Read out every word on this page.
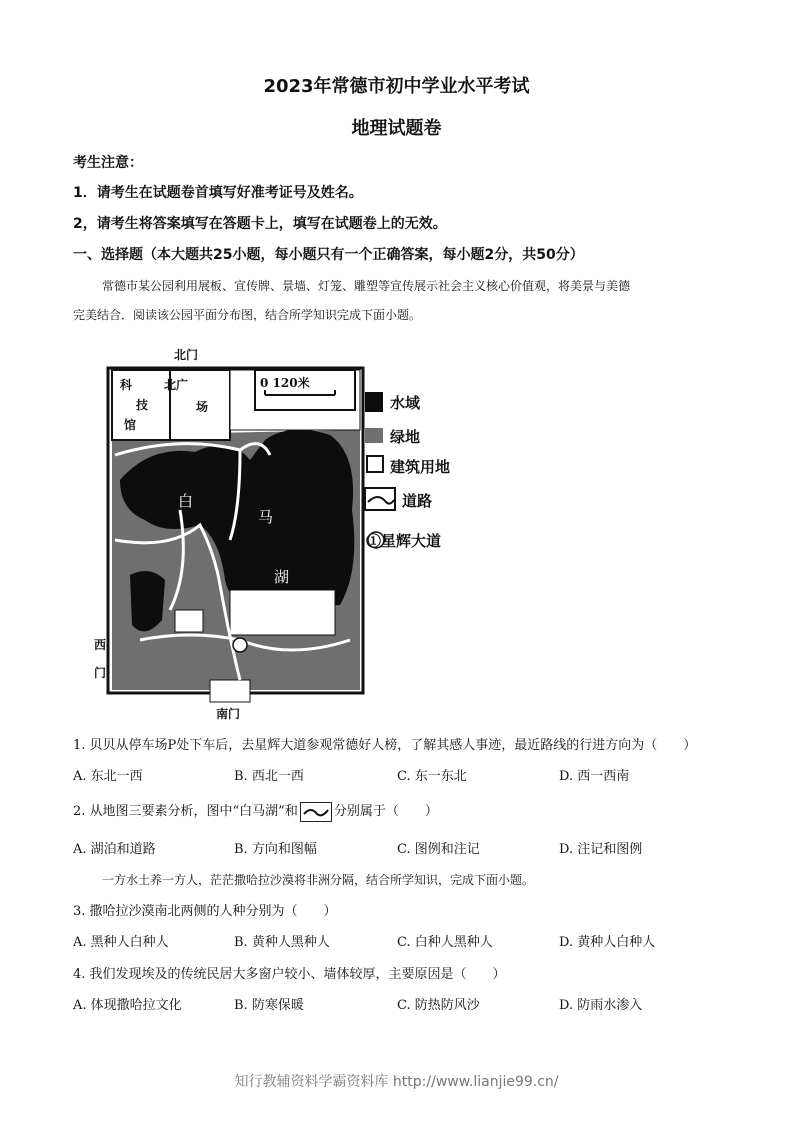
2023年常德市初中学业水平考试
地理试题卷
考生注意：
1．请考生在试题卷首填写好准考证号及姓名。
2，请考生将答案填写在答题卡上，填写在试题卷上的无效。
一、选择题（本大题共25小题，每小题只有一个正确答案，每小题2分，共50分）
常德市某公园利用展板、宣传牌、景墙、灯笼、雕塑等宣传展示社会主义核心价值观，将美景与美德
完美结合．阅读该公园平面分布图，结合所学知识完成下面小题。
北门
北广
场
科
技
馆
0 120米
白
马
湖
西
门
南门
水域
绿地
建筑用地
道路
①星辉大道
1. 贝贝从停车场P处下车后，去星辉大道参观常德好人榜，了解其感人事迹，最近路线的行进方向为（　　）
A. 东北一西	B. 西北一西	C. 东一东北	D. 西一西南
2. 从地图三要素分析，图中“白马湖”和	分别属于（　　）
A. 湖泊和道路	B. 方向和图幅	C. 图例和注记	D. 注记和图例
一方水土养一方人，茫茫撒哈拉沙漠将非洲分隔，结合所学知识，完成下面小题。
3. 撒哈拉沙漠南北两侧的人种分别为（　　）
A. 黑种人白种人	B. 黄种人黑种人	C. 白种人黑种人	D. 黄种人白种人
4. 我们发现埃及的传统民居大多窗户较小、墙体较厚，主要原因是（　　）
A. 体现撒哈拉文化	B. 防寒保暖	C. 防热防风沙	D. 防雨水渗入
知行教辅资料学霸资料库 http://www.lianjie99.cn/
